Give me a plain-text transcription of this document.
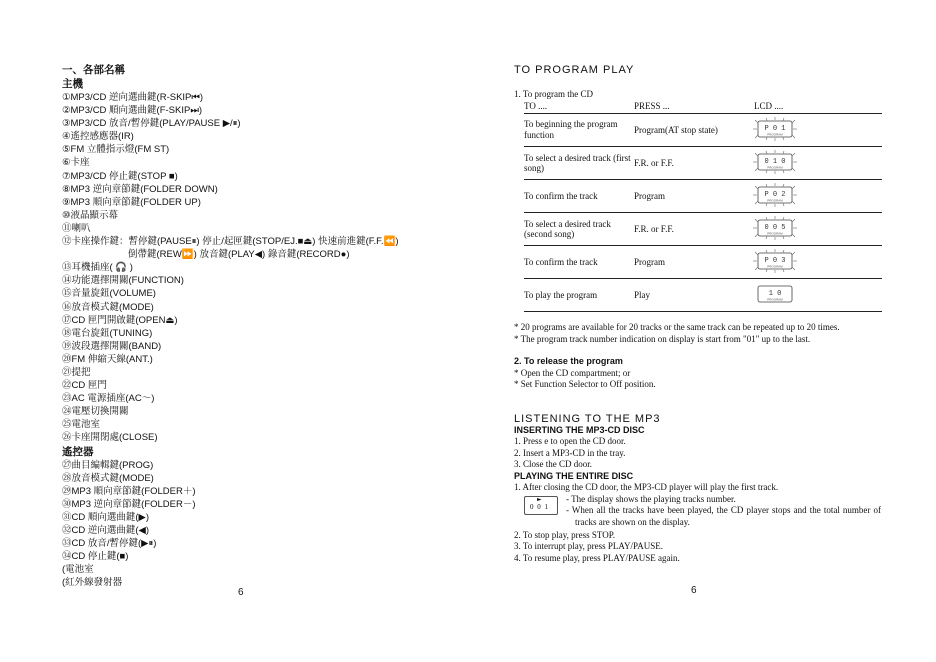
一、各部名稱
主機
①MP3/CD 逆向選曲鍵(R-SKIP⏮)
②MP3/CD 順向選曲鍵(F-SKIP⏭)
③MP3/CD 放音/暫停鍵(PLAY/PAUSE ▶/⏸)
④遙控感應器(IR)
⑤FM 立體指示燈(FM ST)
⑥卡座
⑦MP3/CD 停止鍵(STOP ■)
⑧MP3 逆向章節鍵(FOLDER DOWN)
⑨MP3 順向章節鍵(FOLDER UP)
⑩液晶顯示幕
⑪喇叭
⑫卡座操作鍵：暫停鍵(PAUSE⏸) 停止/起匣鍵(STOP/EJ.■⏏) 快速前進鍵(F.F.⏪)
倒帶鍵(REW⏩) 放音鍵(PLAY◀) 錄音鍵(RECORD●)
⑬耳機插座( 🎧 )
⑭功能選擇開關(FUNCTION)
⑮音量旋鈕(VOLUME)
⑯放音模式鍵(MODE)
⑰CD 匣門開啟鍵(OPEN⏏)
⑱電台旋鈕(TUNING)
⑲波段選擇開關(BAND)
⑳FM 伸縮天線(ANT.)
㉑提把
㉒CD 匣門
㉓AC 電源插座(AC～)
㉔電壓切換開關
㉕電池室
㉖卡座開閉處(CLOSE)
遙控器
㉗曲目編輯鍵(PROG)
㉘放音模式鍵(MODE)
㉙MP3 順向章節鍵(FOLDER＋)
㉚MP3 逆向章節鍵(FOLDER－)
㉛CD 順向選曲鍵(▶)
㉜CD 逆向選曲鍵(◀)
㉝CD 放音/暫停鍵(▶⏸)
㉞CD 停止鍵(■)
(電池室
(紅外線發射器
6
TO PROGRAM PLAY
1. To program the CD
TO ....	PRESS ...	LCD ....
To beginning the program function	Program(AT stop state)	P 0 1
PROGRAM

To select a desired track (first song)	F.R. or F.F.	0 1 0
PROGRAM

To confirm the track	Program	P 0 2
PROGRAM

To select a desired track (second song)	F.R. or F.F.	0 0 5
PROGRAM

To confirm the track	Program	P 0 3
PROGRAM

To play the program	Play	1 0
PROGRAM
* 20 programs are available for 20 tracks or the same track can be repeated up to 20 times.
* The program track number indication on display is start from "01" up to the last.
2. To release the program
* Open the CD compartment; or
* Set Function Selector to Off position.
LISTENING TO THE MP3
INSERTING THE MP3-CD DISC
1. Press e to open the CD door.
2. Insert a MP3-CD in the tray.
3. Close the CD door.
PLAYING THE ENTIRE DISC
1. After closing the CD door, the MP3-CD player will play the first track.
►
0 0 1
- The display shows the playing tracks number.
- When all the tracks have been played, the CD player stops and the total number of tracks are shown on the display.
2. To stop play, press STOP.
3. To interrupt play, press PLAY/PAUSE.
4. To resume play, press PLAY/PAUSE again.
6
